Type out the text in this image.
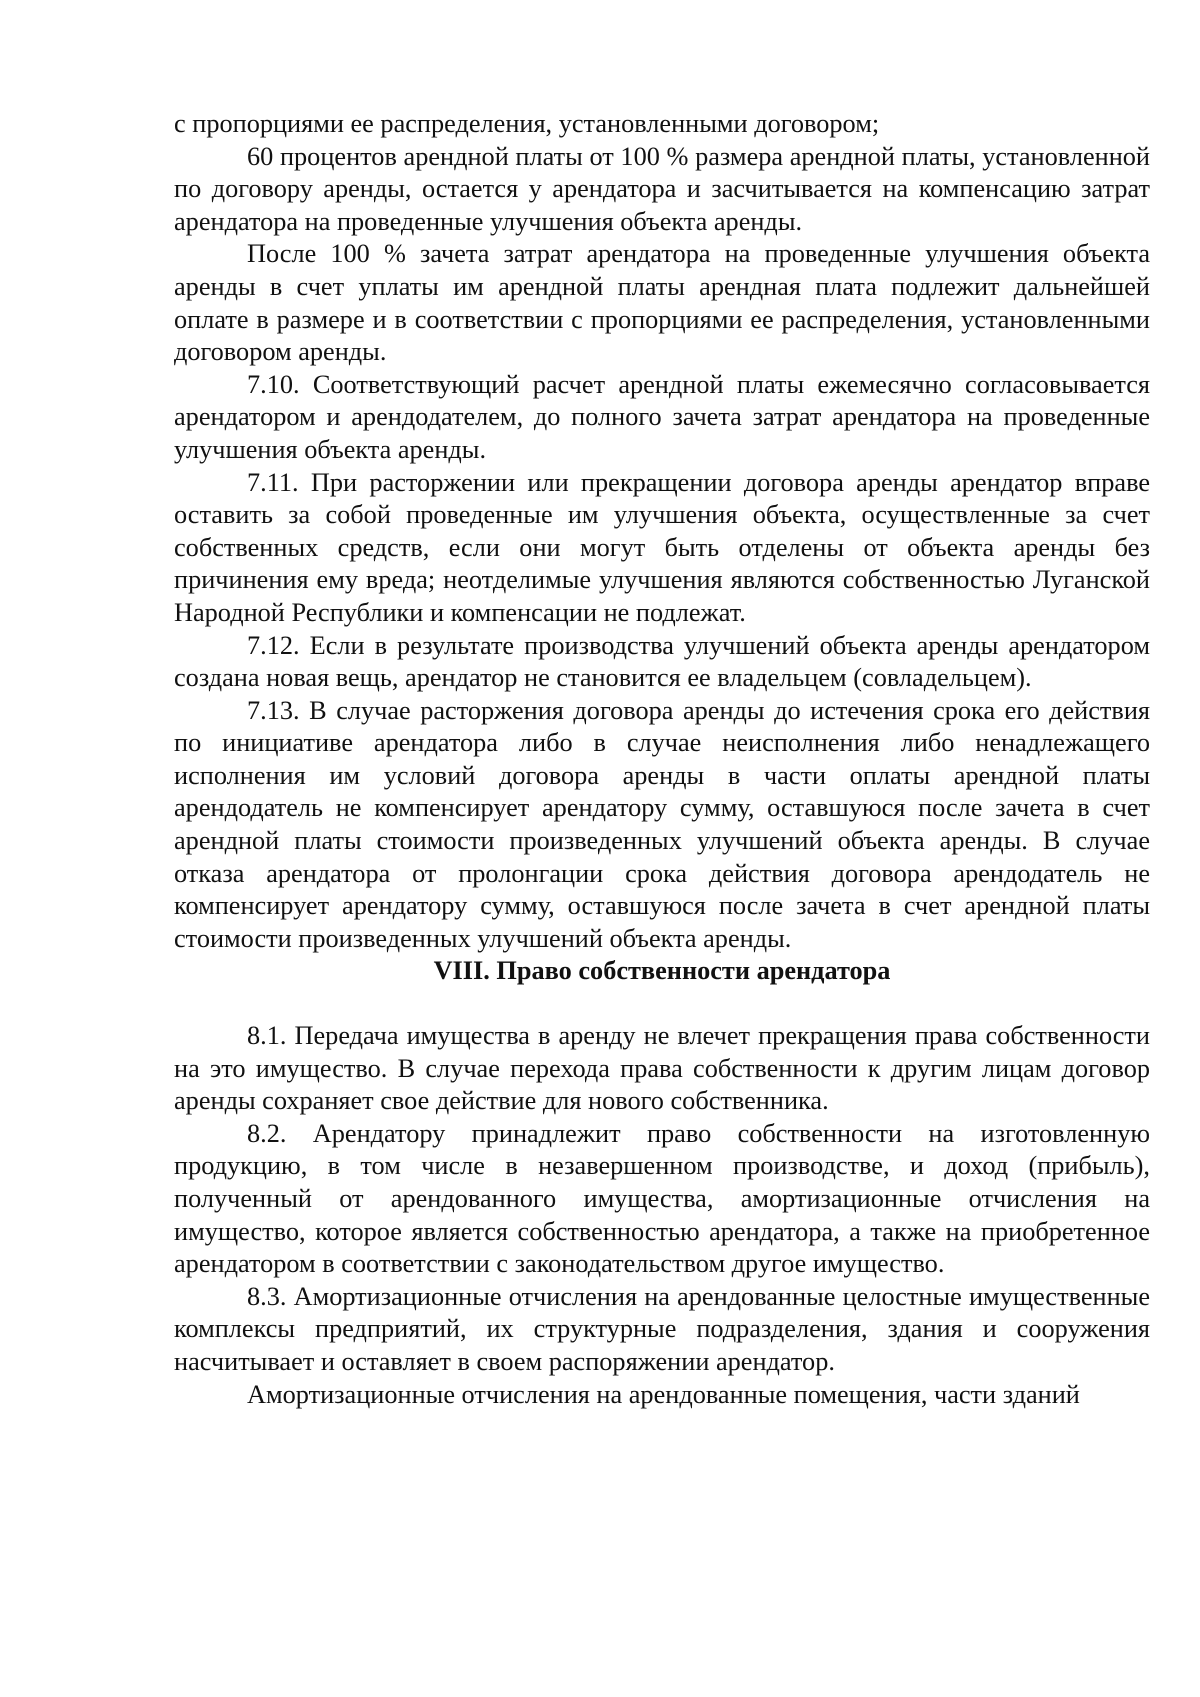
с пропорциями ее распределения, установленными договором;

60 процентов арендной платы от 100 % размера арендной платы, установленной по договору аренды, остается у арендатора и засчитывается на компенсацию затрат арендатора на проведенные улучшения объекта аренды.

После 100 % зачета затрат арендатора на проведенные улучшения объекта аренды в счет уплаты им арендной платы арендная плата подлежит дальнейшей оплате в размере и в соответствии с пропорциями ее распределения, установленными договором аренды.

7.10. Соответствующий расчет арендной платы ежемесячно согласовывается арендатором и арендодателем, до полного зачета затрат арендатора на проведенные улучшения объекта аренды.

7.11. При расторжении или прекращении договора аренды арендатор вправе оставить за собой проведенные им улучшения объекта, осуществленные за счет собственных средств, если они могут быть отделены от объекта аренды без причинения ему вреда; неотделимые улучшения являются собственностью Луганской Народной Республики и компенсации не подлежат.

7.12. Если в результате производства улучшений объекта аренды арендатором создана новая вещь, арендатор не становится ее владельцем (совладельцем).

7.13. В случае расторжения договора аренды до истечения срока его действия по инициативе арендатора либо в случае неисполнения либо ненадлежащего исполнения им условий договора аренды в части оплаты арендной платы арендодатель не компенсирует арендатору сумму, оставшуюся после зачета в счет арендной платы стоимости произведенных улучшений объекта аренды. В случае отказа арендатора от пролонгации срока действия договора арендодатель не компенсирует арендатору сумму, оставшуюся после зачета в счет арендной платы стоимости произведенных улучшений объекта аренды.

VIII. Право собственности арендатора

8.1. Передача имущества в аренду не влечет прекращения права собственности на это имущество. В случае перехода права собственности к другим лицам договор аренды сохраняет свое действие для нового собственника.

8.2. Арендатору принадлежит право собственности на изготовленную продукцию, в том числе в незавершенном производстве, и доход (прибыль), полученный от арендованного имущества, амортизационные отчисления на имущество, которое является собственностью арендатора, а также на приобретенное арендатором в соответствии с законодательством другое имущество.

8.3. Амортизационные отчисления на арендованные целостные имущественные комплексы предприятий, их структурные подразделения, здания и сооружения насчитывает и оставляет в своем распоряжении арендатор.

Амортизационные отчисления на арендованные помещения, части зданий
